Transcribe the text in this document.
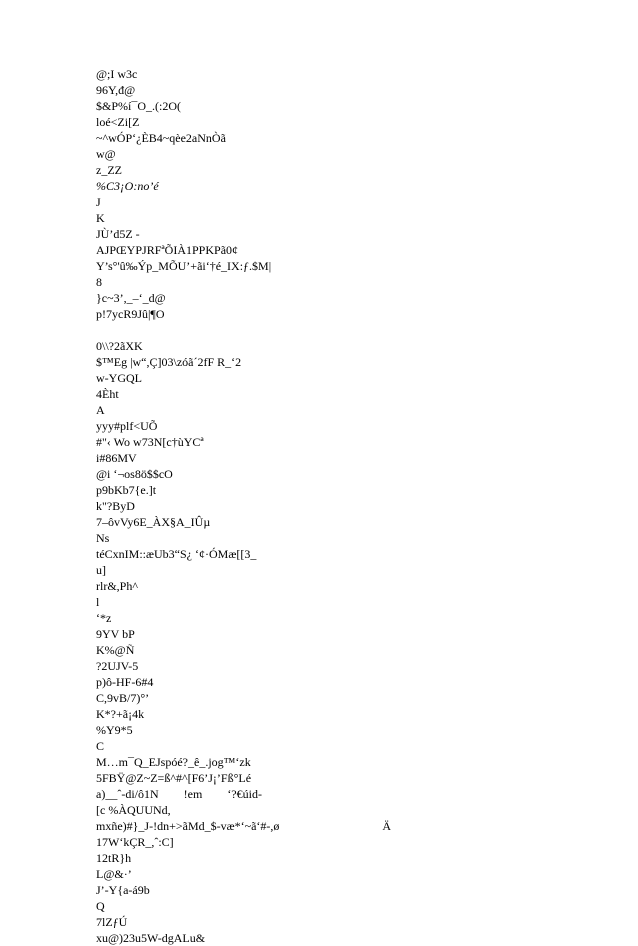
@;I w3c
96Y,đ@
$&P%í¯O_.(:2O(
loé<Zi[Z
~^wÓP‘¿ÈB4~qèe2aNnÒã
w@
z_ZZ
%C3¡O:no’é
J
K
JÙ’d5Z -
AJPŒYPJRFªÕIÀ1PPKPã0¢
Y’s°'û‰Ýp_MÕU’+ãi‘†é_IX:ƒ.$M|
8
}c~3’,_–‘_d@
p!7ycR9Jû|¶O
0\\?2ãXK
$™Eg |w“,Ç]03\zóã´2fF R_‘2
w-YGQL
4Èht
A
yyy#plf<UÕ
#"‹ Wo w73N[c†ùYCª
i#86MV
@i ‘¬os8ö$$cO
p9bKb7{e.]t
k"?ByD
7–ôvVy6E_ÀX§A_IÛµ
Ns
téCxnIM::æUb3“S¿ ‘¢·ÓMæ[[3_
u]
rlr&,Ph^
l
‘*z
9YV bP
K%@Ñ
?2UJV-5
p)ô-HF-6#4
C,9vB/7)°’
K*?+ã¡4k
%Y9*5
C
M…m¯Q_EJspóé?_ê_.jog™‘zk
5FBŸ@Z~Z=ß^#^[F6’J¡’Fß°Lé
a)__ˆ-di/ô1N !em ‘?€úid-
[c %ÀQUUNd,
mxñe)#}_J-!dn+>ãMd_$-væ*‘~ã‘#-,ø	Ä
17W‘kÇR_,ˆ:C]
12tR}h
L@&·’
J’-Y{a-á9b
Q
7lZƒÚ
xu@)23u5W-dgALu&
